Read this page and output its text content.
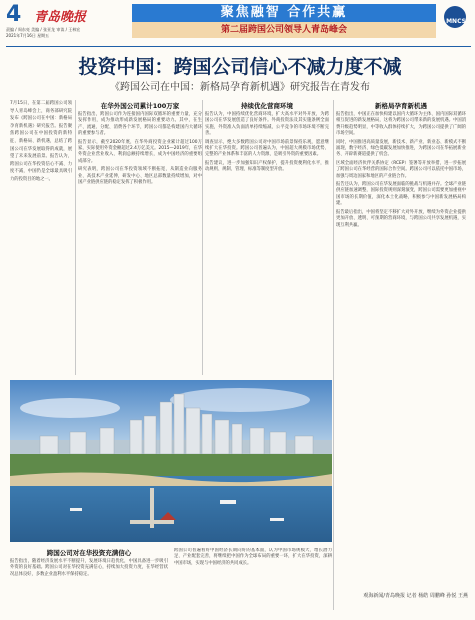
4 青岛晚报
责编 / 周东亮 美编 / 张亚龙 审读 / 王林宏
2021年7月16日 星期五
聚焦融智 合作共赢
第二届跨国公司领导人青岛峰会
MNCS
投资中国：跨国公司信心不减力度不减
《跨国公司在中国：新格局孕育新机遇》研究报告在青发布

7月15日，在第二届跨国公司领导人青岛峰会上，商务部研究院发布《跨国公司在中国：新格局孕育新机遇》研究报告。报告聚焦跨国公司在中国投资的新特征、新格局、新机遇，总结了跨国公司在华发展取得的成就，展望了未来发展前景。报告认为，跨国公司在华投资信心不减、力度不减，中国仍是全球最具吸引力的投资目的地之一。

在华外国公司累计100万家

报告指出，跨国公司作为连接国内国际双循环的重要力量，充分发挥作用，成为推动形成新发展格局的重要动力。其中，在生产、流通、分配、消费各个环节，跨国公司都是构建国内大循环的重要参与者。

报告显示，截至2020年底，在华外商投资企业累计超过100万家，实际使用外资金额超过2.4万亿美元。2015—2019年，在华外资企业营业收入、利润总额持续增长，成为中国经济的重要组成部分。

研究表明，跨国公司在华投资领域不断拓宽，从制造业向服务业、高技术产业延伸，研发中心、地区总部数量持续增加，对中国产业链供应链的稳定发挥了积极作用。

持续优化营商环境

报告认为，中国持续优化营商环境，扩大高水平对外开放，为跨国公司在华发展创造了良好条件。外商投资法及其实施条例全面实施，外资准入负面清单持续缩减，公平竞争的市场环境不断完善。

调查显示，绝大多数跨国公司对中国市场前景保持乐观，愿意继续扩大在华投资。跨国公司普遍认为，中国超大规模市场优势、完整的产业体系和丰富的人力资源，是吸引外资的重要因素。

报告建议，进一步加强知识产权保护，提升投资便利化水平，推动规则、规制、管理、标准等制度型开放。

新格局孕育新机遇

报告指出，中国正在加快构建以国内大循环为主体、国内国际双循环相互促进的新发展格局，这将为跨国公司带来新的发展机遇。中国消费升级趋势明显，中等收入群体持续扩大，为跨国公司提供了广阔的市场空间。

同时，中国推进高质量发展，新技术、新产业、新业态、新模式不断涌现，数字经济、绿色低碳发展加快推进，为跨国公司在华拓展新业务、开辟新赛道提供了机会。

区域全面经济伙伴关系协定（RCEP）签署等开放举措，进一步拓展了跨国公司在华经营的国际合作空间。跨国公司可以依托中国市场，加强与周边国家和地区的产业链合作。

报告还认为，跨国公司在华发展面临的挑战与机遇并存。全球产业链供应链加速调整，国际投资规则深刻演变，跨国公司需要更加重视中国市场的长期价值，深化本土化战略，积极参与中国新发展格局构建。

报告最后指出，中国将坚定不移扩大对外开放，继续为外资企业提供更加开放、透明、可预期的营商环境，与跨国公司共享发展机遇，实现互利共赢。

跨国公司对在华投资充满信心

报告指出，随着经济发展水平不断提升，发展环境日趋优化，中国具备进一步吸引外资的良好基础。跨国公司对在华投资充满信心，持续加大投资力度，在华经营状况总体良好，多数企业盈利水平保持稳定。

跨国公司普遍看好中国经济长期向好的基本面，认为中国市场规模大、增长潜力足、产业配套完善，将继续把中国作为全球布局的重要一环，扩大在华投资，深耕中国市场，实现与中国经济的共同成长。

观海新闻/青岛晚报 记者 杨皓 周鹏峰 孙悦 王燕
